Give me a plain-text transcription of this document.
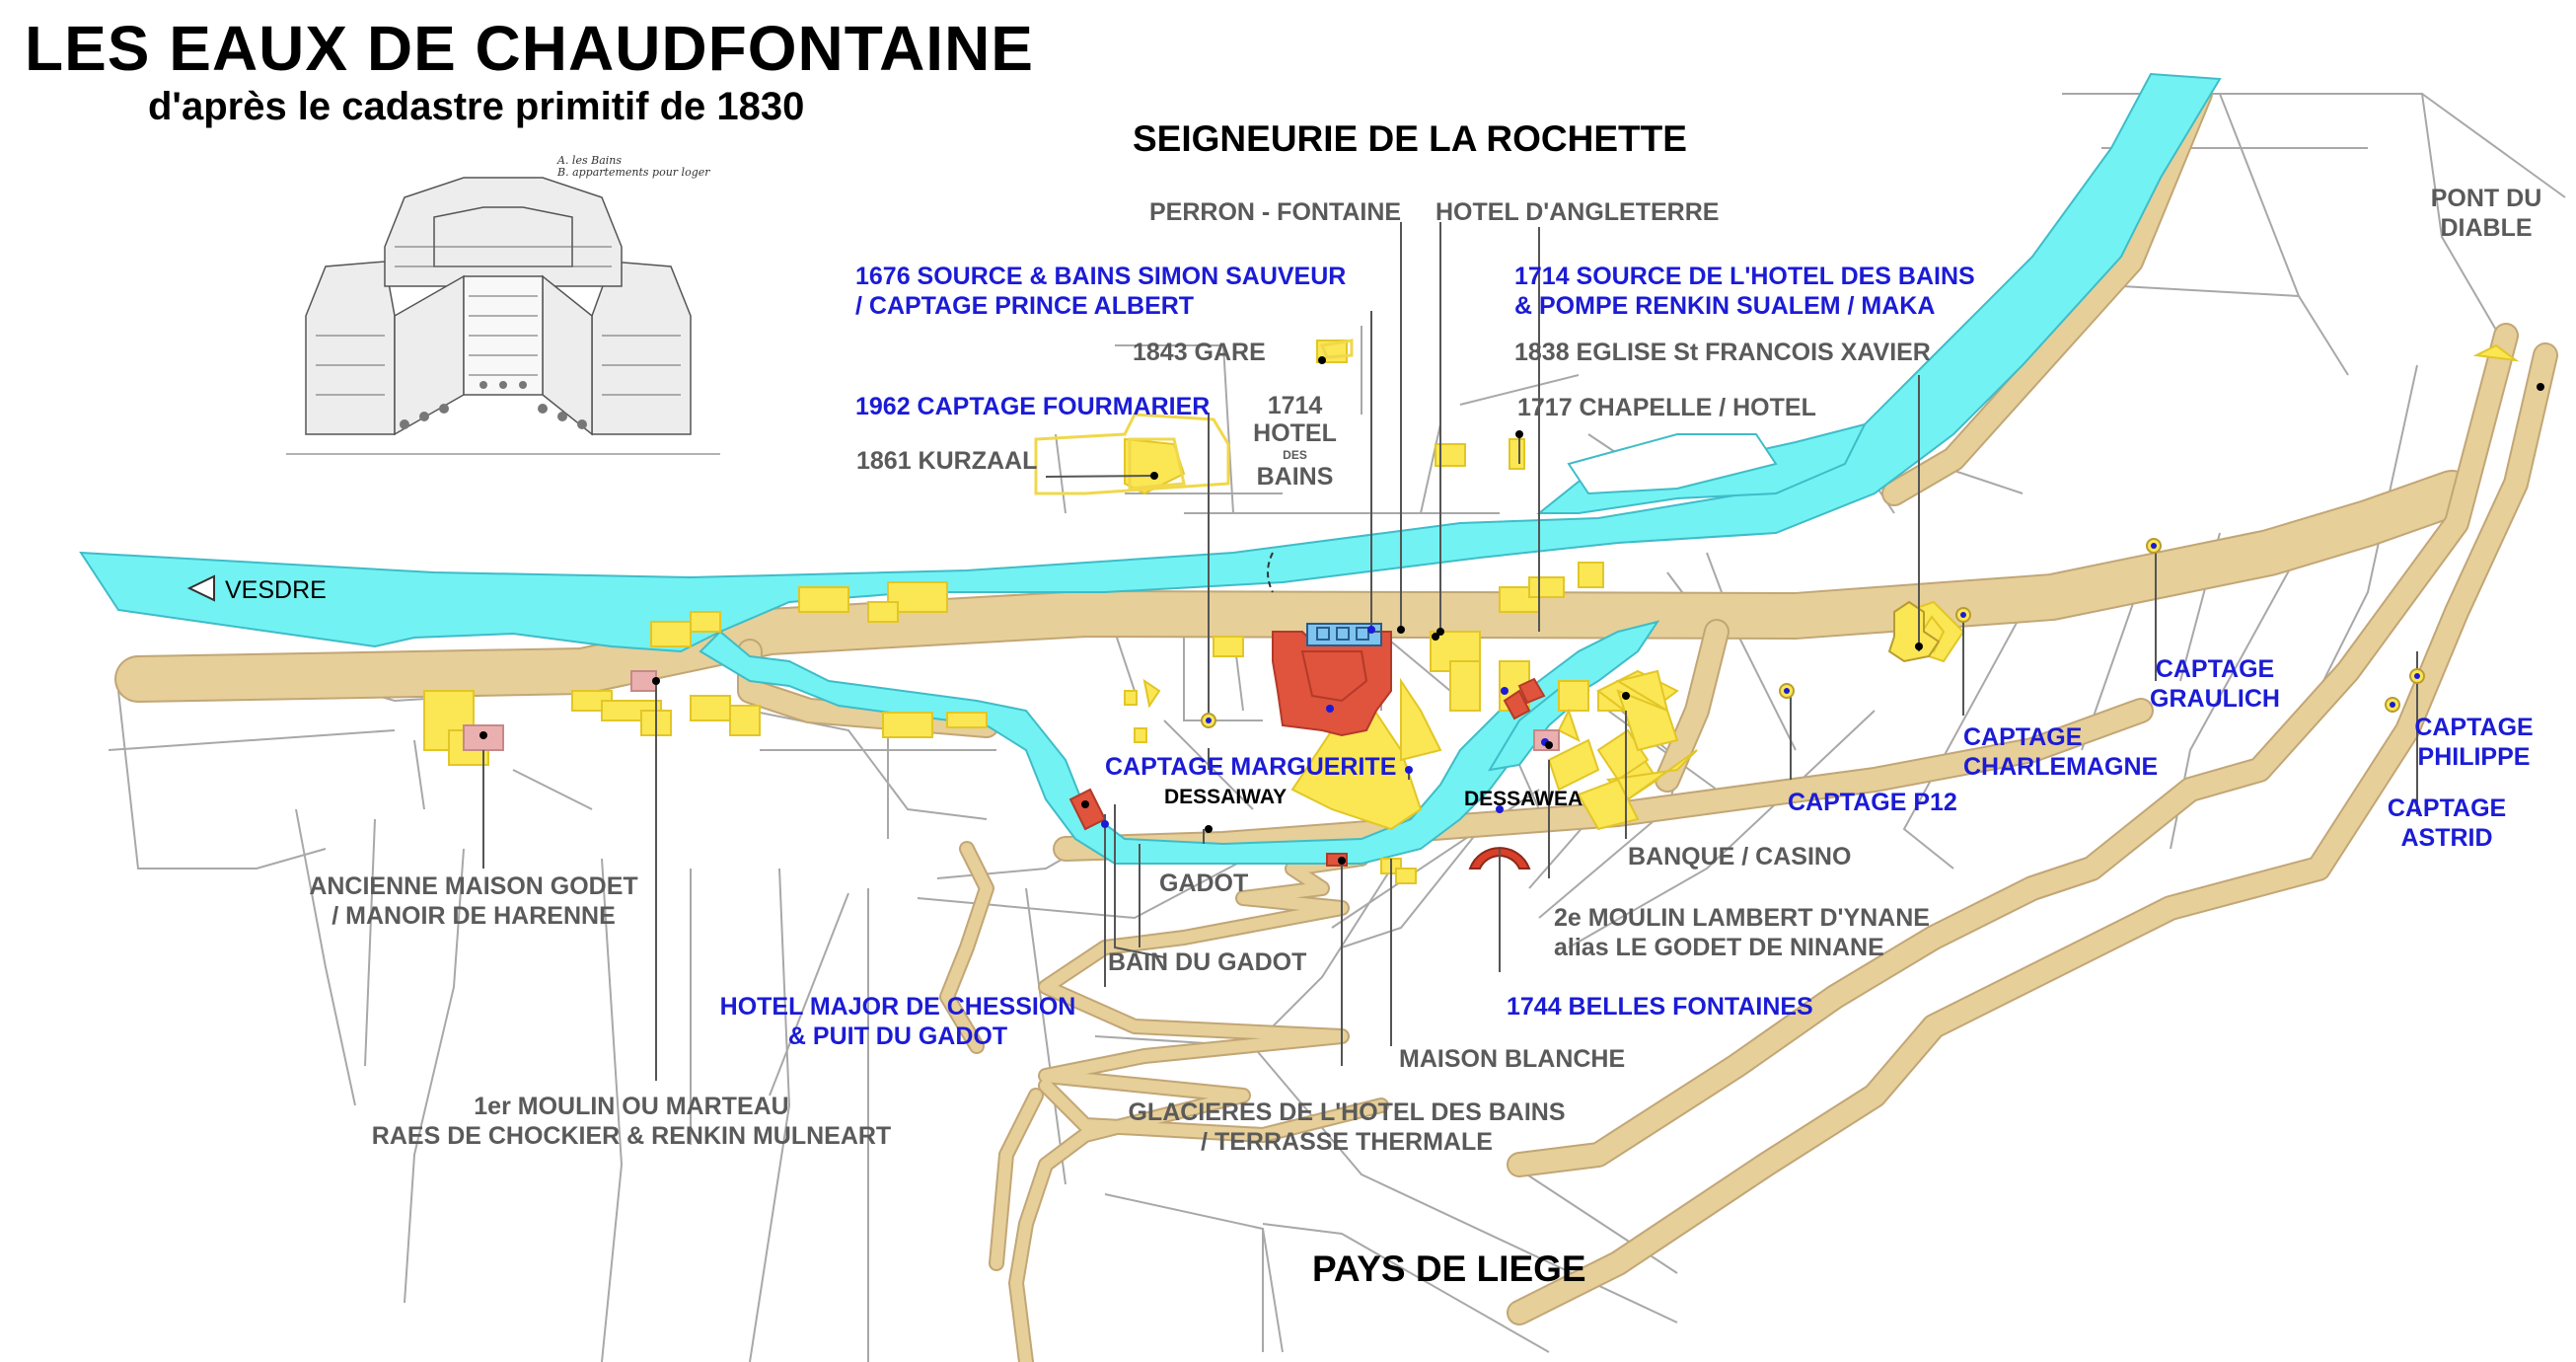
VESDRE
A. les Bains
B. appartements pour loger
LES EAUX DE CHAUDFONTAINE
d'après le cadastre primitif de 1830
SEIGNEURIE DE LA ROCHETTE
PAYS DE LIEGE
DESSAIWAY	DESSAWEA
PERRON - FONTAINE HOTEL D'ANGLETERRE	PONT DU
DIABLE
1843 GARE	1838 EGLISE St FRANCOIS XAVIER
1714
HOTEL
DES
BAINS
1717 CHAPELLE / HOTEL
1861 KURZAAL
BANQUE / CASINO
ANCIENNE MAISON GODET
/ MANOIR DE HARENNE
GADOT
2e MOULIN LAMBERT D'YNANE
alias LE GODET DE NINANE
BAIN DU GADOT
MAISON BLANCHE
1er MOULIN OU MARTEAU
RAES DE CHOCKIER & RENKIN MULNEART
GLACIERES DE L'HOTEL DES BAINS
/ TERRASSE THERMALE
1676 SOURCE & BAINS SIMON SAUVEUR
/ CAPTAGE PRINCE ALBERT
1714 SOURCE DE L'HOTEL DES BAINS
& POMPE RENKIN SUALEM / MAKA
1962 CAPTAGE FOURMARIER
CAPTAGE MARGUERITE
CAPTAGE
GRAULICH
CAPTAGE
CHARLEMAGNE
CAPTAGE
PHILIPPE
CAPTAGE P12	CAPTAGE
ASTRID
HOTEL MAJOR DE CHESSION
& PUIT DU GADOT
1744 BELLES FONTAINES
